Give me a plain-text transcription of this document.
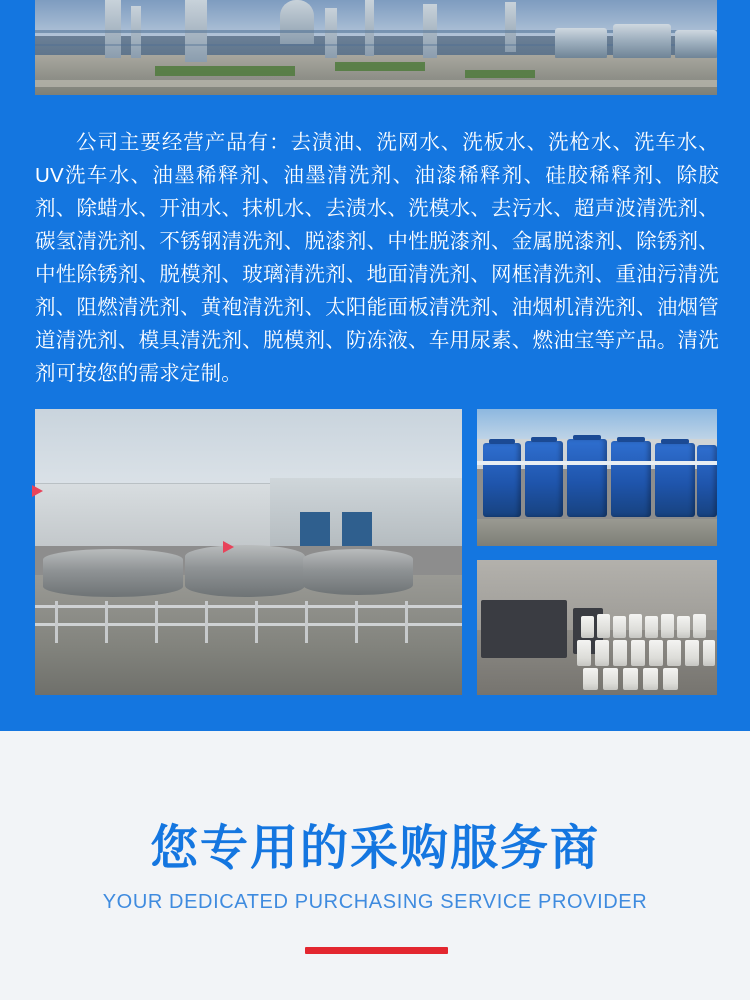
公司主要经营产品有：去渍油、洗网水、洗板水、洗枪水、洗车水、UV洗车水、油墨稀释剂、油墨清洗剂、油漆稀释剂、硅胶稀释剂、除胶剂、除蜡水、开油水、抹机水、去渍水、洗模水、去污水、超声波清洗剂、碳氢清洗剂、不锈钢清洗剂、脱漆剂、中性脱漆剂、金属脱漆剂、除锈剂、中性除锈剂、脱模剂、玻璃清洗剂、地面清洗剂、网框清洗剂、重油污清洗剂、阻燃清洗剂、黄袍清洗剂、太阳能面板清洗剂、油烟机清洗剂、油烟管道清洗剂、模具清洗剂、脱模剂、防冻液、车用尿素、燃油宝等产品。清洗剂可按您的需求定制。
您专用的采购服务商
YOUR DEDICATED PURCHASING SERVICE PROVIDER
